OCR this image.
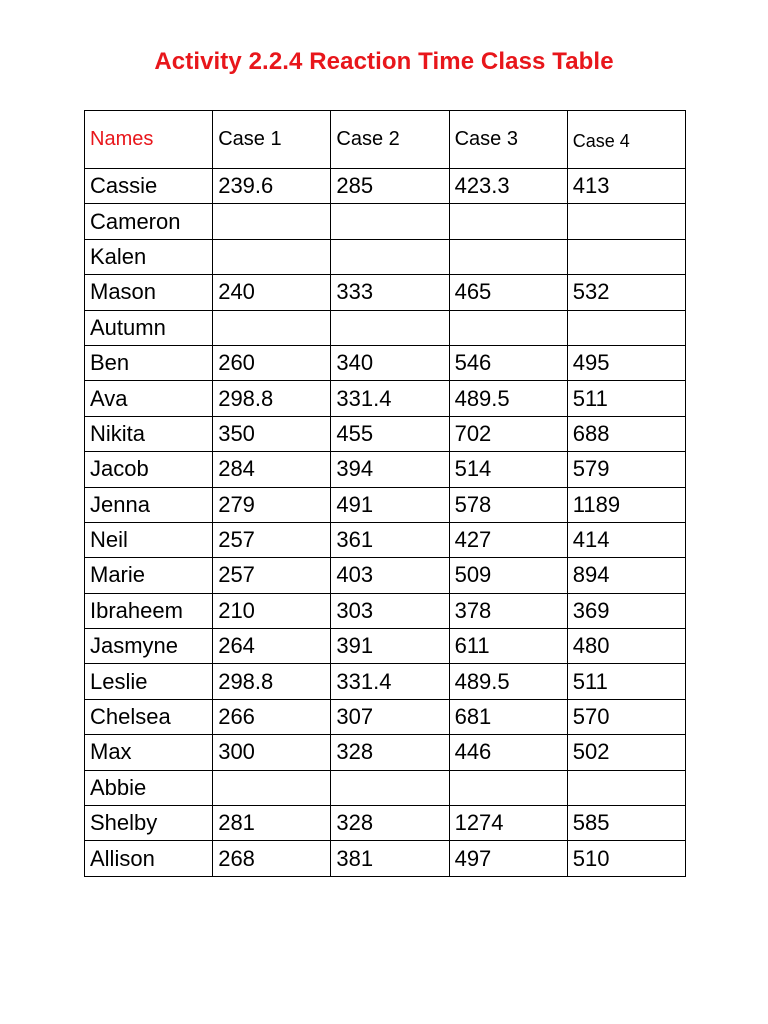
Activity 2.2.4 Reaction Time Class Table
Names	Case 1	Case 2	Case 3	Case 4
Cassie	239.6	285	423.3	413
Cameron				
Kalen				
Mason	240	333	465	532
Autumn				
Ben	260	340	546	495
Ava	298.8	331.4	489.5	511
Nikita	350	455	702	688
Jacob	284	394	514	579
Jenna	279	491	578	1189
Neil	257	361	427	414
Marie	257	403	509	894
Ibraheem	210	303	378	369
Jasmyne	264	391	611	480
Leslie	298.8	331.4	489.5	511
Chelsea	266	307	681	570
Max	300	328	446	502
Abbie				
Shelby	281	328	1274	585
Allison	268	381	497	510
